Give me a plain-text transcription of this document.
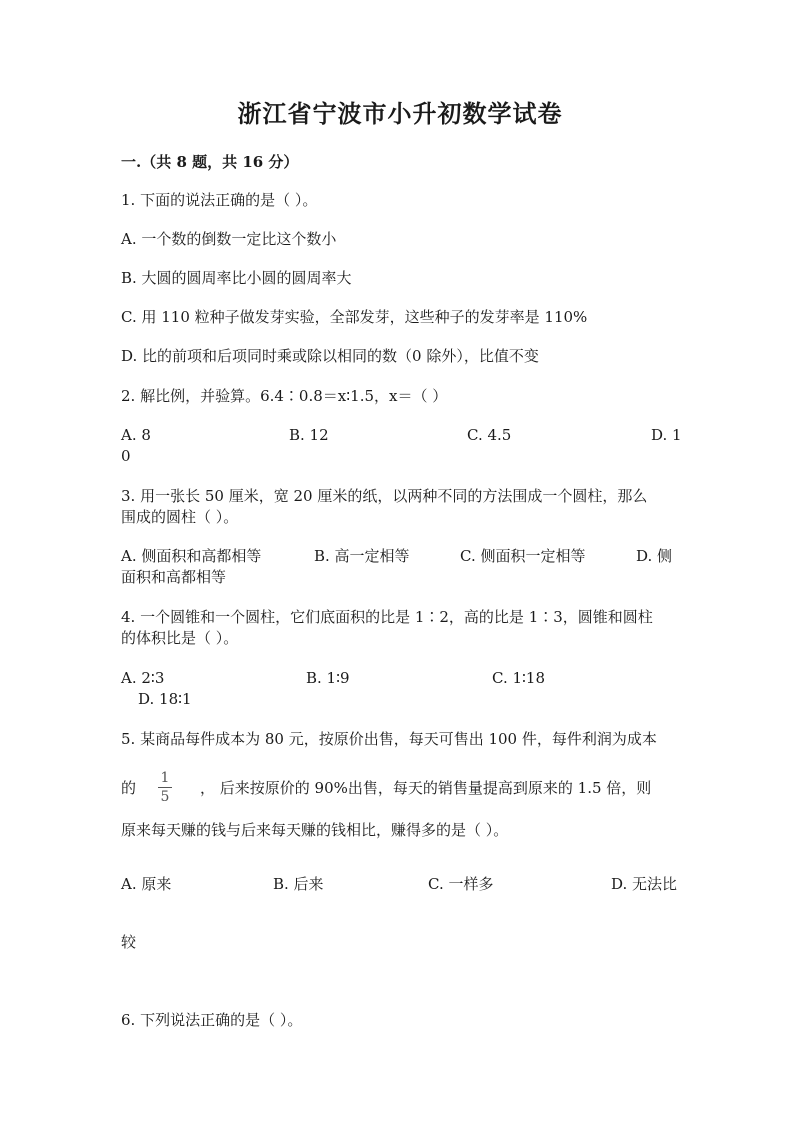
浙江省宁波市小升初数学试卷
一.（共 8 题，共 16 分）
1. 下面的说法正确的是（ ）。
A. 一个数的倒数一定比这个数小
B. 大圆的圆周率比小圆的圆周率大
C. 用 110 粒种子做发芽实验，全部发芽，这些种子的发芽率是 110%
D. 比的前项和后项同时乘或除以相同的数（0 除外），比值不变
2. 解比例，并验算。6.4∶0.8＝x∶1.5，x＝（ ）
A. 8	B. 12	C. 4.5	D. 1
0
3. 用一张长 50 厘米，宽 20 厘米的纸，以两种不同的方法围成一个圆柱，那么
围成的圆柱（ ）。
A. 侧面积和高都相等	B. 高一定相等	C. 侧面积一定相等	D. 侧
面积和高都相等
4. 一个圆锥和一个圆柱，它们底面积的比是 1∶2，高的比是 1∶3，圆锥和圆柱
的体积比是（ ）。
A. 2∶3	B. 1∶9	C. 1∶18
D. 18∶1
5. 某商品每件成本为 80 元，按原价出售，每天可售出 100 件，每件利润为成本
的
1
5 ， 后来按原价的 90%出售，每天的销售量提高到原来的 1.5 倍，则
原来每天赚的钱与后来每天赚的钱相比，赚得多的是（ ）。
A. 原来	B. 后来	C. 一样多	D. 无法比
较
6. 下列说法正确的是（ ）。
